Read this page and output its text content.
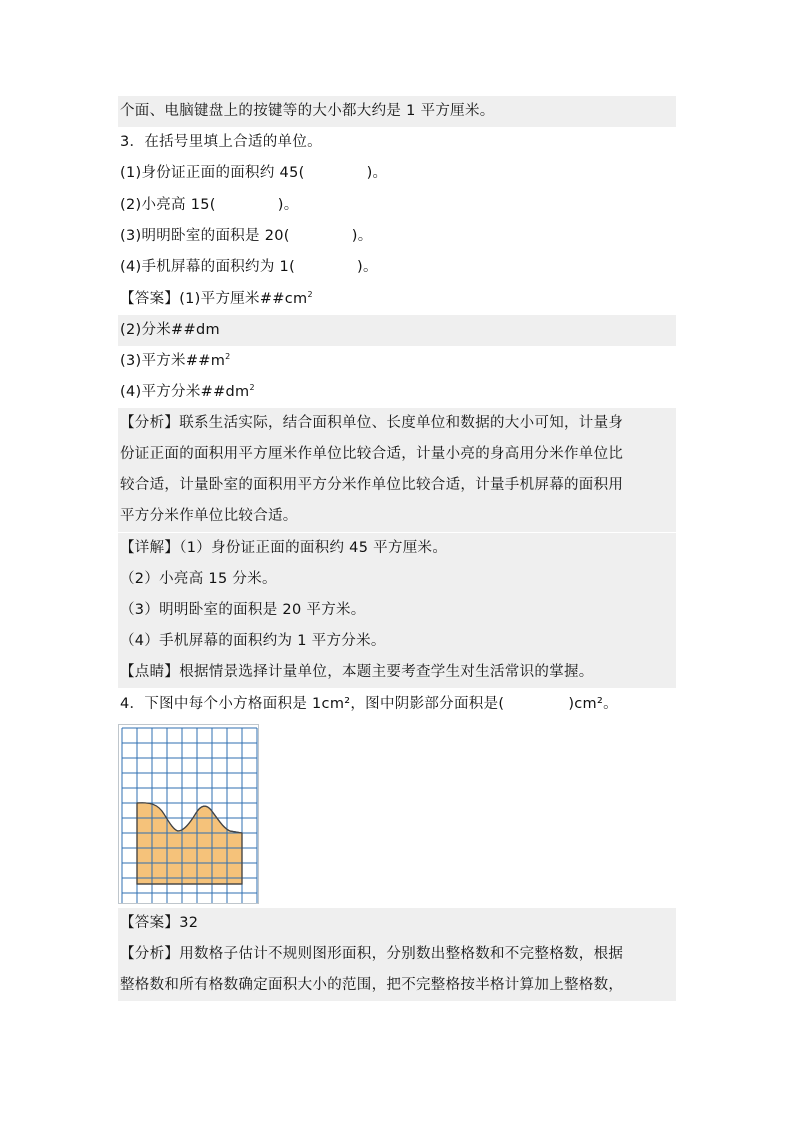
个面、电脑键盘上的按键等的大小都大约是 1 平方厘米。
3．在括号里填上合适的单位。
(1)身份证正面的面积约 45(	)。
(2)小亮高 15(	)。
(3)明明卧室的面积是 20(	)。
(4)手机屏幕的面积约为 1(	)。
【答案】(1)平方厘米$\#\#cm^2$
(2)分米##dm
(3)平方米$\#\#m^2$
(4)平方分米$\#\#dm^2$
【分析】联系生活实际，结合面积单位、长度单位和数据的大小可知，计量身
份证正面的面积用平方厘米作单位比较合适，计量小亮的身高用分米作单位比
较合适，计量卧室的面积用平方分米作单位比较合适，计量手机屏幕的面积用
平方分米作单位比较合适。
【详解】（1）身份证正面的面积约 45 平方厘米。
（2）小亮高 15 分米。
（3）明明卧室的面积是 20 平方米。
（4）手机屏幕的面积约为 1 平方分米。
【点睛】根据情景选择计量单位，本题主要考查学生对生活常识的掌握。
4．下图中每个小方格面积是 1cm²，图中阴影部分面积是(	)cm²。
【答案】32
【分析】用数格子估计不规则图形面积，分别数出整格数和不完整格数，根据
整格数和所有格数确定面积大小的范围，把不完整格按半格计算加上整格数，
